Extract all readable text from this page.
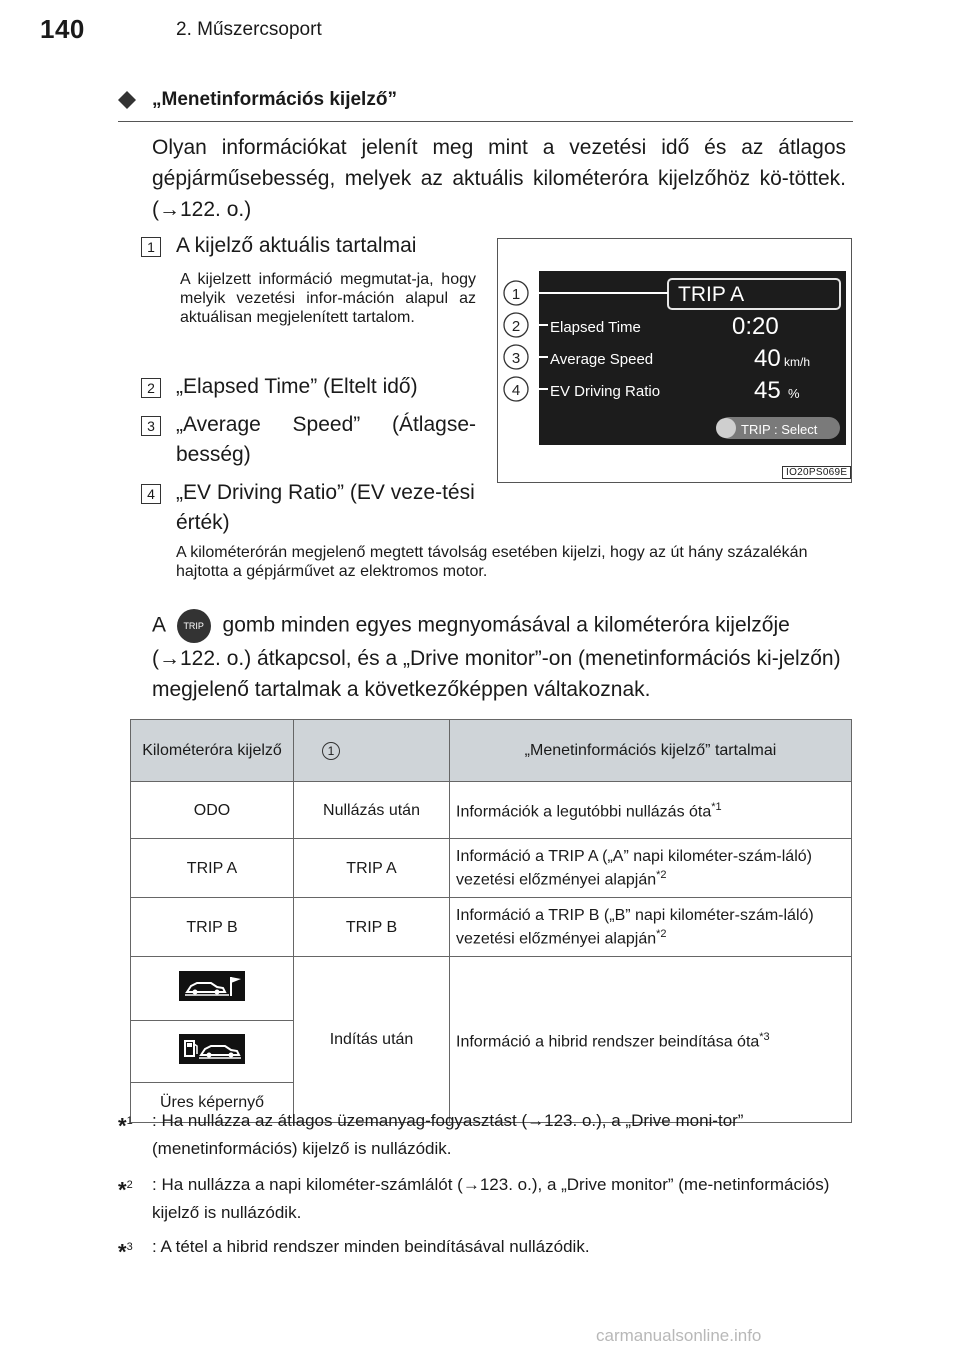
140	2. Műszercsoport
„Menetinformációs kijelző”
Olyan információkat jelenít meg mint a vezetési idő és az átlagos gépjárműsebesség, melyek az aktuális kilométeróra kijelzőhöz kö-töttek. (→122. o.)
1 A kijelző aktuális tartalmai
A kijelzett információ megmutat-ja, hogy melyik vezetési infor-máción alapul az aktuálisan megjelenített tartalom.
2 „Elapsed Time” (Eltelt idő)
3 „Average Speed” (Átlagse-besség)
4 „EV Driving Ratio” (EV veze-tési érték)
TRIP A
Elapsed Time	0:20
Average Speed	40 km/h
EV Driving Ratio	45 %
TRIP : Select
1
2
3
4
IO20PS069E
A kilométerórán megjelenő megtett távolság esetében kijelzi, hogy az út hány százalékán hajtotta a gépjárművet az elektromos motor.
A TRIP gomb minden egyes megnyomásával a kilométeróra kijelzője (→122. o.) átkapcsol, és a „Drive monitor”-on (menetinformációs ki-jelzőn) megjelenő tartalmak a következőképpen váltakoznak.
Kilométeróra kijelző	1	„Menetinformációs kijelző” tartalmai
ODO	Nullázás után	Információk a legutóbbi nullázás óta$^{*1}$
TRIP A	TRIP A	Információ a TRIP A („A” napi kilométer-szám-láló) vezetési előzményei alapján$^{*2}$
TRIP B	TRIP B	Információ a TRIP B („B” napi kilométer-szám-láló) vezetési előzményei alapján$^{*2}$
	Indítás után	Információ a hibrid rendszer beindítása óta$^{*3}$

Üres képernyő		
*$^1$	: Ha nullázza az átlagos üzemanyag-fogyasztást (→123. o.), a „Drive moni-tor” (menetinformációs) kijelző is nullázódik.
*$^2$	: Ha nullázza a napi kilométer-számlálót (→123. o.), a „Drive monitor” (me-netinformációs) kijelző is nullázódik.
*$^3$	: A tétel a hibrid rendszer minden beindításával nullázódik.
carmanualsonline.info
